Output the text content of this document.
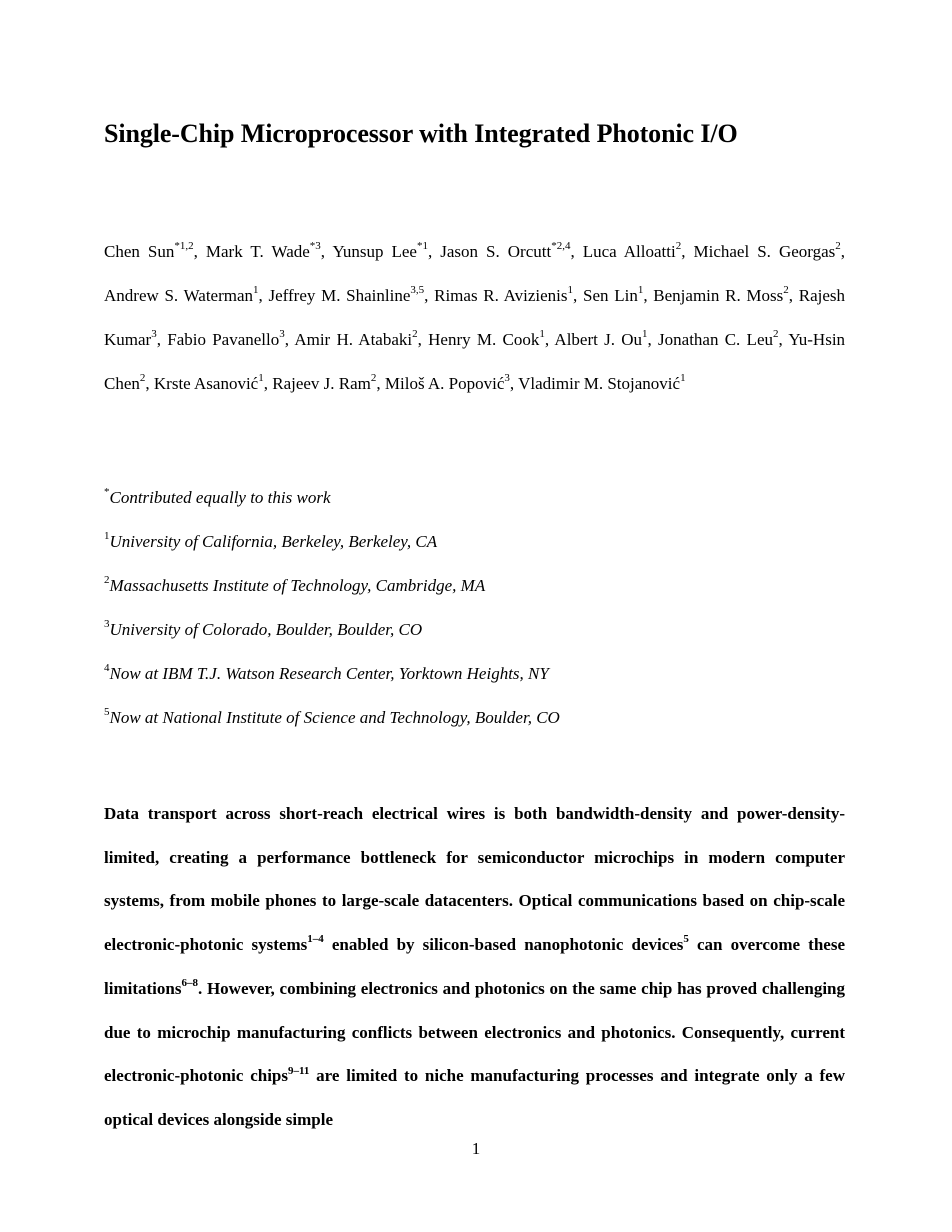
Single-Chip Microprocessor with Integrated Photonic I/O

Chen Sun$^{*1,2}$, Mark T. Wade$^{*3}$, Yunsup Lee$^{*1}$, Jason S. Orcutt$^{*2,4}$, Luca Alloatti$^2$, Michael S. Georgas$^2$, Andrew S. Waterman$^1$, Jeffrey M. Shainline$^{3,5}$, Rimas R. Avizienis$^1$, Sen Lin$^1$, Benjamin R. Moss$^2$, Rajesh Kumar$^3$, Fabio Pavanello$^3$, Amir H. Atabaki$^2$, Henry M. Cook$^1$, Albert J. Ou$^1$, Jonathan C. Leu$^2$, Yu-Hsin Chen$^2$, Krste Asanović$^1$, Rajeev J. Ram$^2$, Miloš A. Popović$^3$, Vladimir M. Stojanović$^1$

*Contributed equally to this work

$^1$University of California, Berkeley, Berkeley, CA

$^2$Massachusetts Institute of Technology, Cambridge, MA

$^3$University of Colorado, Boulder, Boulder, CO

$^4$Now at IBM T.J. Watson Research Center, Yorktown Heights, NY

$^5$Now at National Institute of Science and Technology, Boulder, CO

Data transport across short-reach electrical wires is both bandwidth-density and power-density-limited, creating a performance bottleneck for semiconductor microchips in modern computer systems, from mobile phones to large-scale datacenters. Optical communications based on chip-scale electronic-photonic systems$^{1-4}$ enabled by silicon-based nanophotonic devices$^5$ can overcome these limitations$^{6-8}$. However, combining electronics and photonics on the same chip has proved challenging due to microchip manufacturing conflicts between electronics and photonics. Consequently, current electronic-photonic chips$^{9-11}$ are limited to niche manufacturing processes and integrate only a few optical devices alongside simple

1
